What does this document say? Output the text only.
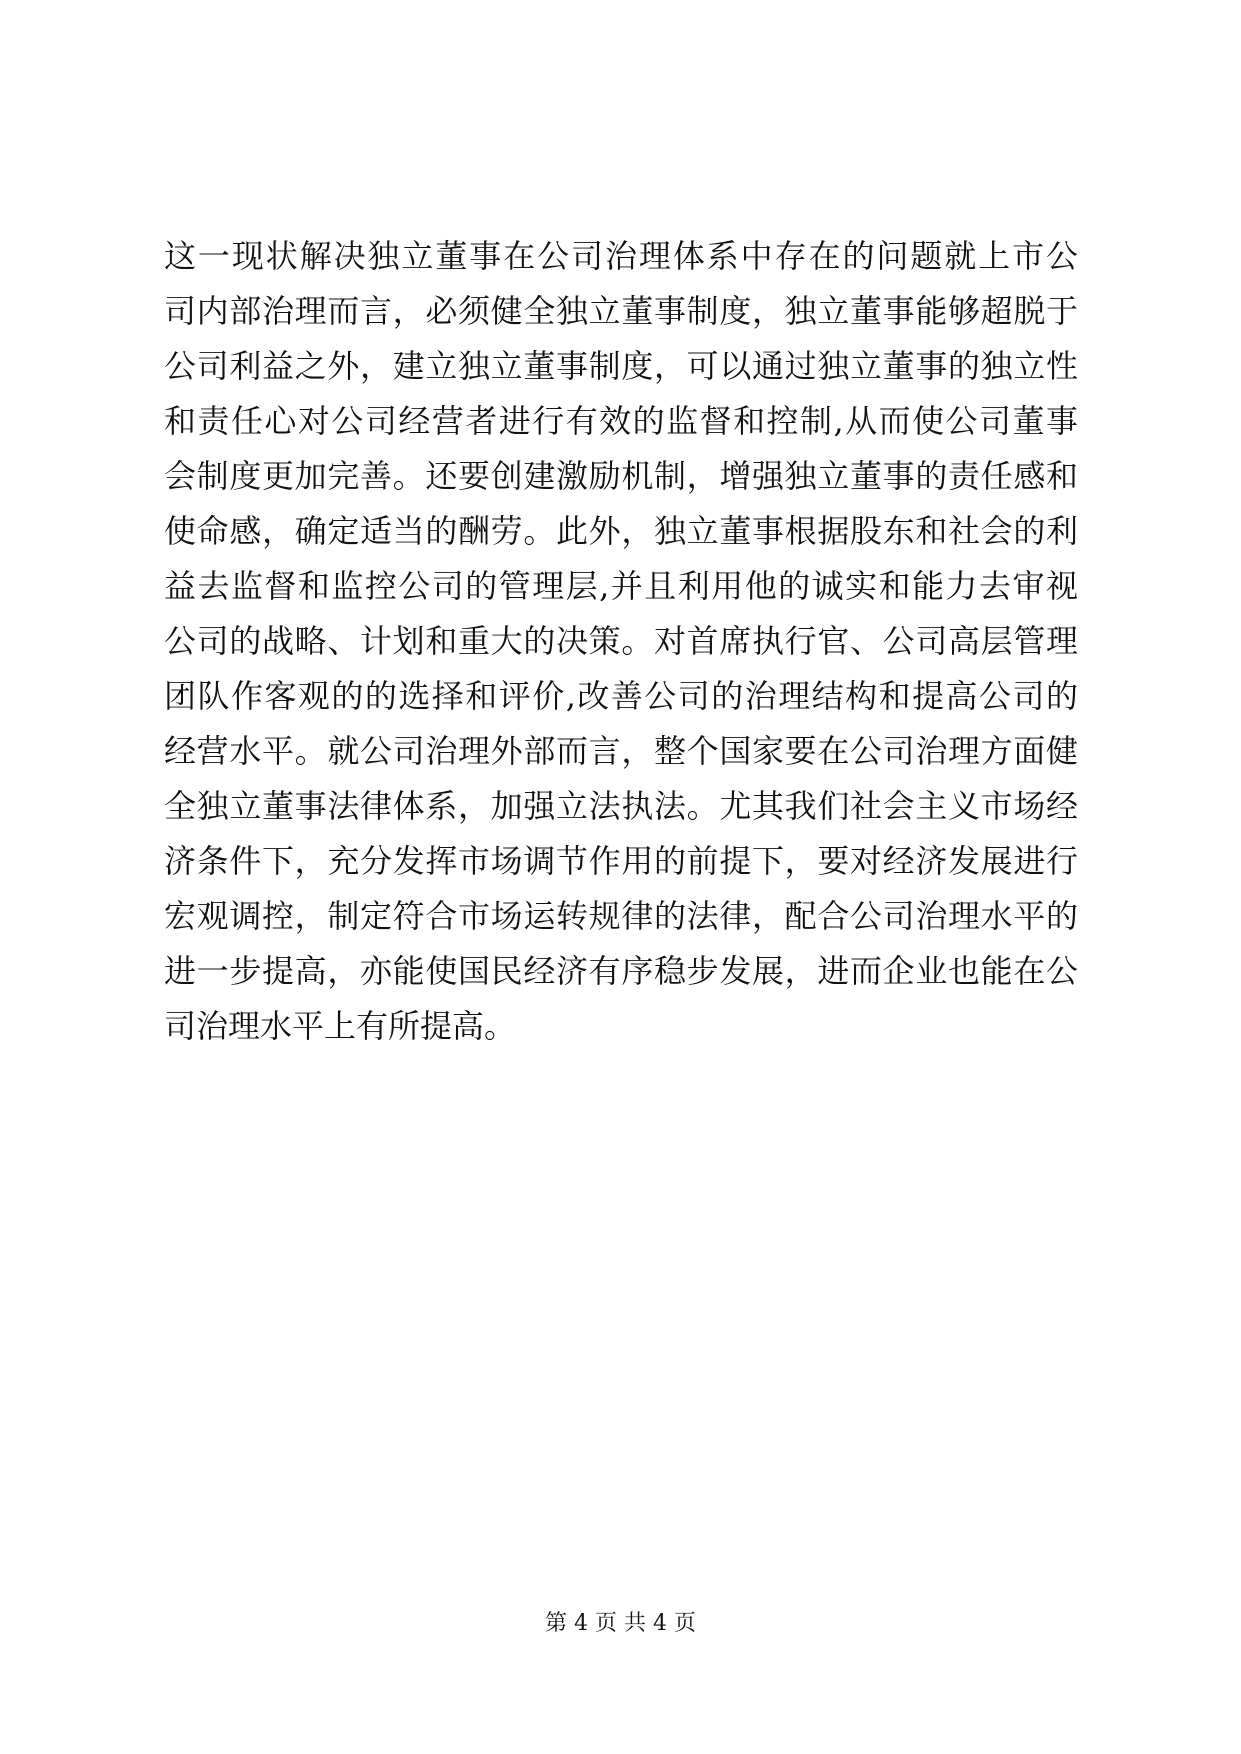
这一现状解决独立董事在公司治理体系中存在的问题就上市公
司内部治理而言，必须健全独立董事制度，独立董事能够超脱于
公司利益之外，建立独立董事制度，可以通过独立董事的独立性
和责任心对公司经营者进行有效的监督和控制,从而使公司董事
会制度更加完善。还要创建激励机制，增强独立董事的责任感和
使命感，确定适当的酬劳。此外，独立董事根据股东和社会的利
益去监督和监控公司的管理层,并且利用他的诚实和能力去审视
公司的战略、计划和重大的决策。对首席执行官、公司高层管理
团队作客观的的选择和评价,改善公司的治理结构和提高公司的
经营水平。就公司治理外部而言，整个国家要在公司治理方面健
全独立董事法律体系，加强立法执法。尤其我们社会主义市场经
济条件下，充分发挥市场调节作用的前提下，要对经济发展进行
宏观调控，制定符合市场运转规律的法律，配合公司治理水平的
进一步提高，亦能使国民经济有序稳步发展，进而企业也能在公
司治理水平上有所提高。
第 4 页 共 4 页
